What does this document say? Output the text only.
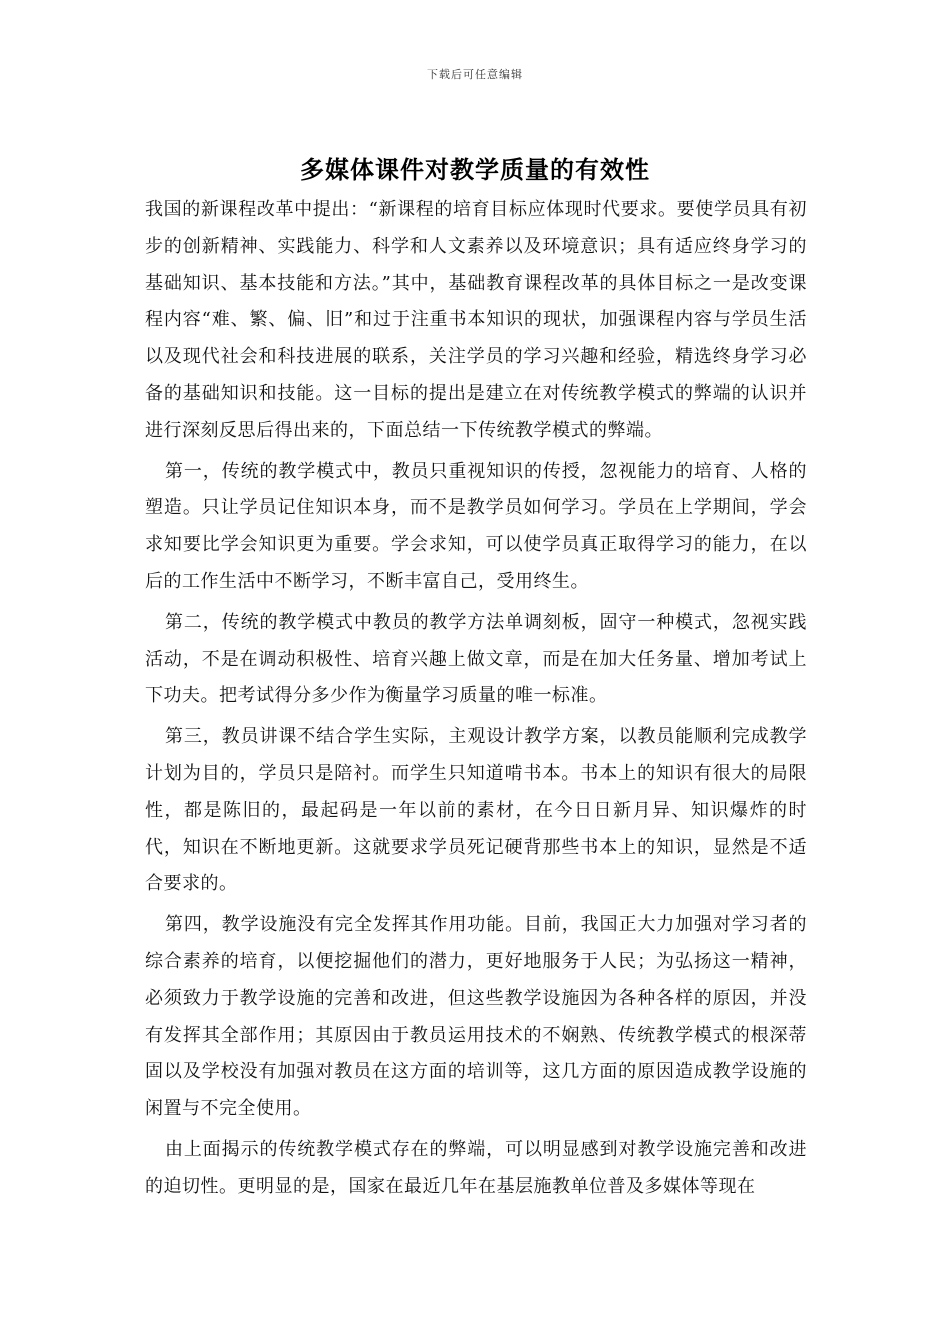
下载后可任意编辑
多媒体课件对教学质量的有效性

我国的新课程改革中提出：“新课程的培育目标应体现时代要求。要使学员具有初步的创新精神、实践能力、科学和人文素养以及环境意识；具有适应终身学习的基础知识、基本技能和方法。”其中，基础教育课程改革的具体目标之一是改变课程内容“难、繁、偏、旧”和过于注重书本知识的现状，加强课程内容与学员生活以及现代社会和科技进展的联系，关注学员的学习兴趣和经验，精选终身学习必备的基础知识和技能。这一目标的提出是建立在对传统教学模式的弊端的认识并进行深刻反思后得出来的，下面总结一下传统教学模式的弊端。

第一，传统的教学模式中，教员只重视知识的传授，忽视能力的培育、人格的塑造。只让学员记住知识本身，而不是教学员如何学习。学员在上学期间，学会求知要比学会知识更为重要。学会求知，可以使学员真正取得学习的能力，在以后的工作生活中不断学习，不断丰富自己，受用终生。

第二，传统的教学模式中教员的教学方法单调刻板，固守一种模式，忽视实践活动，不是在调动积极性、培育兴趣上做文章，而是在加大任务量、增加考试上下功夫。把考试得分多少作为衡量学习质量的唯一标准。

第三，教员讲课不结合学生实际，主观设计教学方案，以教员能顺利完成教学计划为目的，学员只是陪衬。而学生只知道啃书本。书本上的知识有很大的局限性，都是陈旧的，最起码是一年以前的素材，在今日日新月异、知识爆炸的时代，知识在不断地更新。这就要求学员死记硬背那些书本上的知识，显然是不适合要求的。

第四，教学设施没有完全发挥其作用功能。目前，我国正大力加强对学习者的综合素养的培育，以便挖掘他们的潜力，更好地服务于人民；为弘扬这一精神，必须致力于教学设施的完善和改进，但这些教学设施因为各种各样的原因，并没有发挥其全部作用；其原因由于教员运用技术的不娴熟、传统教学模式的根深蒂固以及学校没有加强对教员在这方面的培训等，这几方面的原因造成教学设施的闲置与不完全使用。

由上面揭示的传统教学模式存在的弊端，可以明显感到对教学设施完善和改进的迫切性。更明显的是，国家在最近几年在基层施教单位普及多媒体等现在
